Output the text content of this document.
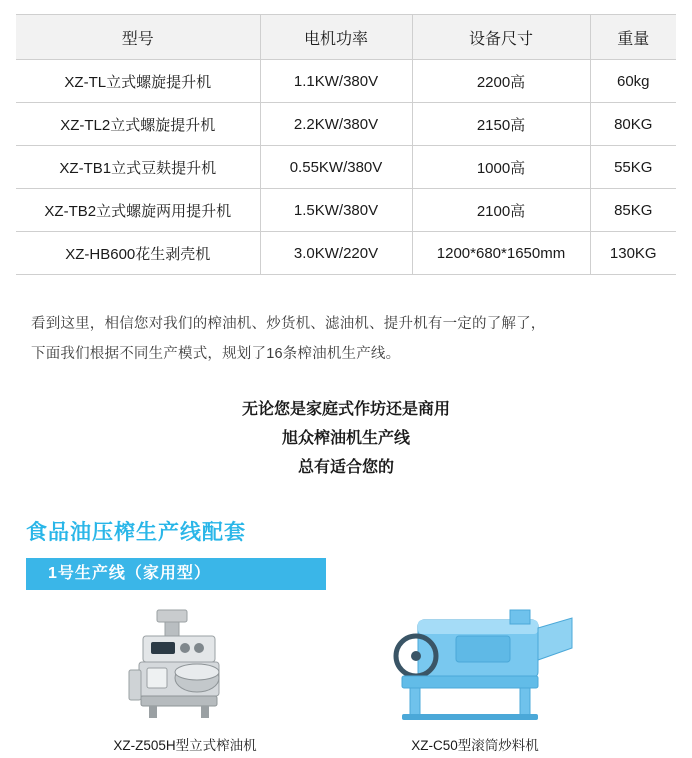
型号	电机功率	设备尺寸	重量
XZ-TL立式螺旋提升机	1.1KW/380V	2200高	60kg
XZ-TL2立式螺旋提升机	2.2KW/380V	2150高	80KG
XZ-TB1立式豆麸提升机	0.55KW/380V	1000高	55KG
XZ-TB2立式螺旋两用提升机	1.5KW/380V	2100高	85KG
XZ-HB600花生剥壳机	3.0KW/220V	1200*680*1650mm	130KG
看到这里，相信您对我们的榨油机、炒货机、滤油机、提升机有一定的了解了，
下面我们根据不同生产模式，规划了16条榨油机生产线。
无论您是家庭式作坊还是商用
旭众榨油机生产线
总有适合您的
食品油压榨生产线配套
1号生产线（家用型）
XZ-Z505H型立式榨油机	XZ-C50型滚筒炒料机
